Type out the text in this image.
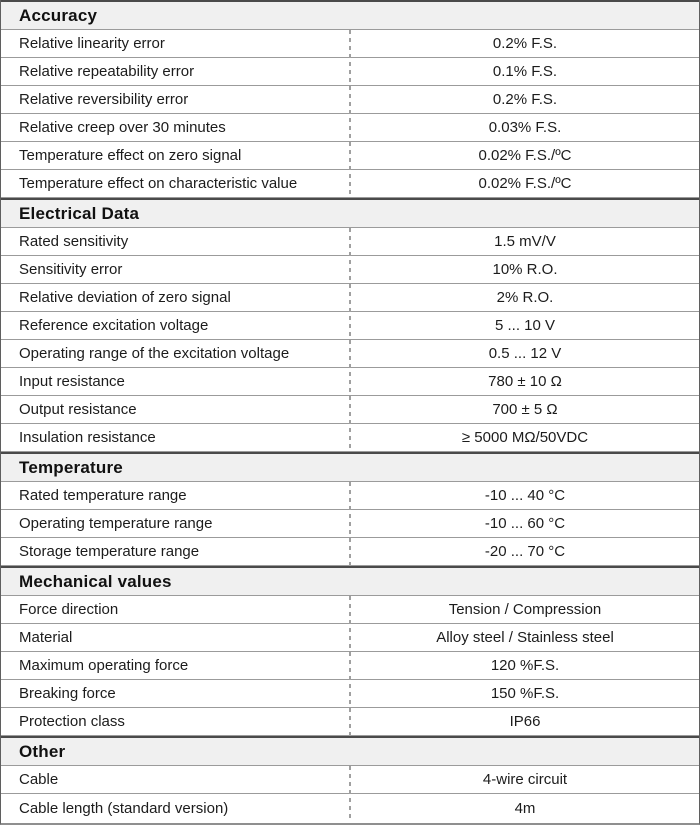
Accuracy
Relative linearity error	0.2% F.S.
Relative repeatability error	0.1% F.S.
Relative reversibility error	0.2% F.S.
Relative creep over 30 minutes	0.03% F.S.
Temperature effect on zero signal	0.02% F.S./ºC
Temperature effect on characteristic value	0.02% F.S./ºC
Electrical Data
Rated sensitivity	1.5 mV/V
Sensitivity error	10% R.O.
Relative deviation of zero signal	2% R.O.
Reference excitation voltage	5 ... 10 V
Operating range of the excitation voltage	0.5 ... 12 V
Input resistance	780 ± 10 Ω
Output resistance	700 ± 5 Ω
Insulation resistance	≥ 5000 MΩ/50VDC
Temperature
Rated temperature range	-10 ... 40 °C
Operating temperature range	-10 ... 60 °C
Storage temperature range	-20 ... 70 °C
Mechanical values
Force direction	Tension / Compression
Material	Alloy steel / Stainless steel
Maximum operating force	120 %F.S.
Breaking force	150 %F.S.
Protection class	IP66
Other
Cable	4-wire circuit
Cable length (standard version)	4m
